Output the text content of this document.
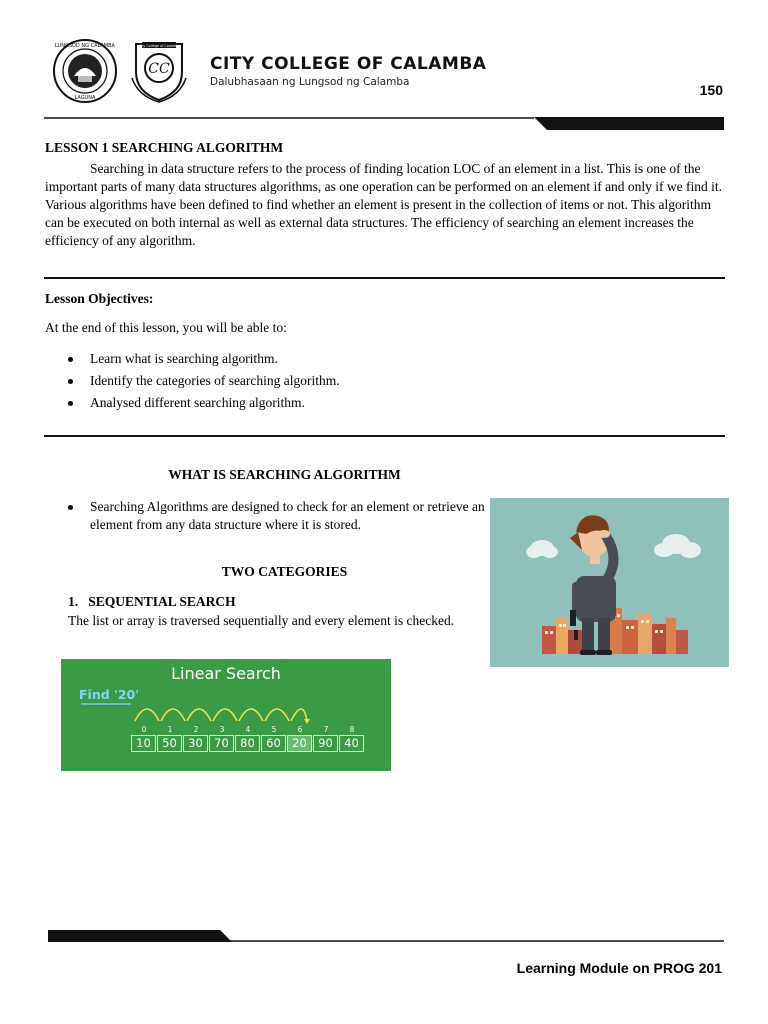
LUNGSOD NG CALAMBA
LAGUNA
City College of Calamba
CC CITY COLLEGE OF CALAMBA
Dalubhasaan ng Lungsod ng Calamba	150
LESSON 1 SEARCHING ALGORITHM

Searching in data structure refers to the process of finding location LOC of an element in a list. This is one of the important parts of many data structures algorithms, as one operation can be performed on an element if and only if we find it. Various algorithms have been defined to find whether an element is present in the collection of items or not. This algorithm can be executed on both internal as well as external data structures. The efficiency of searching an element increases the efficiency of any algorithm.

Lesson Objectives:
At the end of this lesson, you will be able to:
Learn what is searching algorithm.
Identify the categories of searching algorithm.
Analysed different searching algorithm.
WHAT IS SEARCHING ALGORITHM
Searching Algorithms are designed to check for an element or retrieve an element from any data structure where it is stored.
TWO CATEGORIES
1.   SEQUENTIAL SEARCH
The list or array is traversed sequentially and every element is checked.
Linear Search
Find '20'
0	1	2	3	4	5	6	7	8
10 50 30 70 80 60 20 90 40
Learning Module on PROG 201
